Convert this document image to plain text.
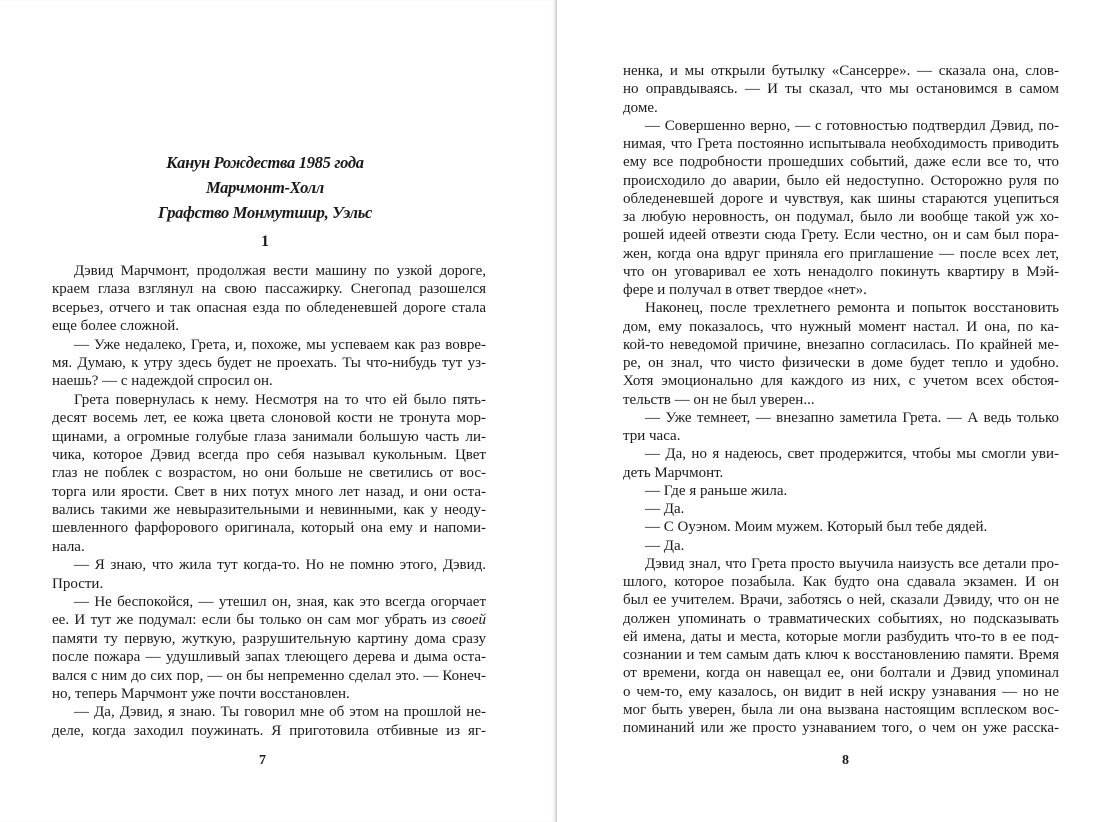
Канун Рождества 1985 года
Марчмонт-Холл
Графство Монмутшир, Уэльс
1
Дэвид Марчмонт, продолжая вести машину по узкой дороге,
краем глаза взглянул на свою пассажирку. Снегопад разошелся
всерьез, отчего и так опасная езда по обледеневшей дороге стала
еще более сложной.
— Уже недалеко, Грета, и, похоже, мы успеваем как раз вовре-
мя. Думаю, к утру здесь будет не проехать. Ты что-нибудь тут уз-
наешь? — с надеждой спросил он.
Грета повернулась к нему. Несмотря на то что ей было пять-
десят восемь лет, ее кожа цвета слоновой кости не тронута мор-
щинами, а огромные голубые глаза занимали большую часть ли-
чика, которое Дэвид всегда про себя называл кукольным. Цвет
глаз не поблек с возрастом, но они больше не светились от вос-
торга или ярости. Свет в них потух много лет назад, и они оста-
вались такими же невыразительными и невинными, как у неоду-
шевленного фарфорового оригинала, который она ему и напоми-
нала.
— Я знаю, что жила тут когда-то. Но не помню этого, Дэвид.
Прости.
— Не беспокойся, — утешил он, зная, как это всегда огорчает
ее. И тут же подумал: если бы только он сам мог убрать из своей
памяти ту первую, жуткую, разрушительную картину дома сразу
после пожара — удушливый запах тлеющего дерева и дыма оста-
вался с ним до сих пор, — он бы непременно сделал это. — Конеч-
но, теперь Марчмонт уже почти восстановлен.
— Да, Дэвид, я знаю. Ты говорил мне об этом на прошлой не-
деле, когда заходил поужинать. Я приготовила отбивные из яг-
7
ненка, и мы открыли бутылку «Сансерре». — сказала она, слов-
но оправдываясь. — И ты сказал, что мы остановимся в самом
доме.
— Совершенно верно, — с готовностью подтвердил Дэвид, по-
нимая, что Грета постоянно испытывала необходимость приводить
ему все подробности прошедших событий, даже если все то, что
происходило до аварии, было ей недоступно. Осторожно руля по
обледеневшей дороге и чувствуя, как шины стараются уцепиться
за любую неровность, он подумал, было ли вообще такой уж хо-
рошей идеей отвезти сюда Грету. Если честно, он и сам был пора-
жен, когда она вдруг приняла его приглашение — после всех лет,
что он уговаривал ее хоть ненадолго покинуть квартиру в Мэй-
фере и получал в ответ твердое «нет».
Наконец, после трехлетнего ремонта и попыток восстановить
дом, ему показалось, что нужный момент настал. И она, по ка-
кой-то неведомой причине, внезапно согласилась. По крайней ме-
ре, он знал, что чисто физически в доме будет тепло и удобно.
Хотя эмоционально для каждого из них, с учетом всех обстоя-
тельств — он не был уверен...
— Уже темнеет, — внезапно заметила Грета. — А ведь только
три часа.
— Да, но я надеюсь, свет продержится, чтобы мы смогли уви-
деть Марчмонт.
— Где я раньше жила.
— Да.
— С Оуэном. Моим мужем. Который был тебе дядей.
— Да.
Дэвид знал, что Грета просто выучила наизусть все детали про-
шлого, которое позабыла. Как будто она сдавала экзамен. И он
был ее учителем. Врачи, заботясь о ней, сказали Дэвиду, что он не
должен упоминать о травматических событиях, но подсказывать
ей имена, даты и места, которые могли разбудить что-то в ее под-
сознании и тем самым дать ключ к восстановлению памяти. Время
от времени, когда он навещал ее, они болтали и Дэвид упоминал
о чем-то, ему казалось, он видит в ней искру узнавания — но не
мог быть уверен, была ли она вызвана настоящим всплеском вос-
поминаний или же просто узнаванием того, о чем он уже расска-
8
